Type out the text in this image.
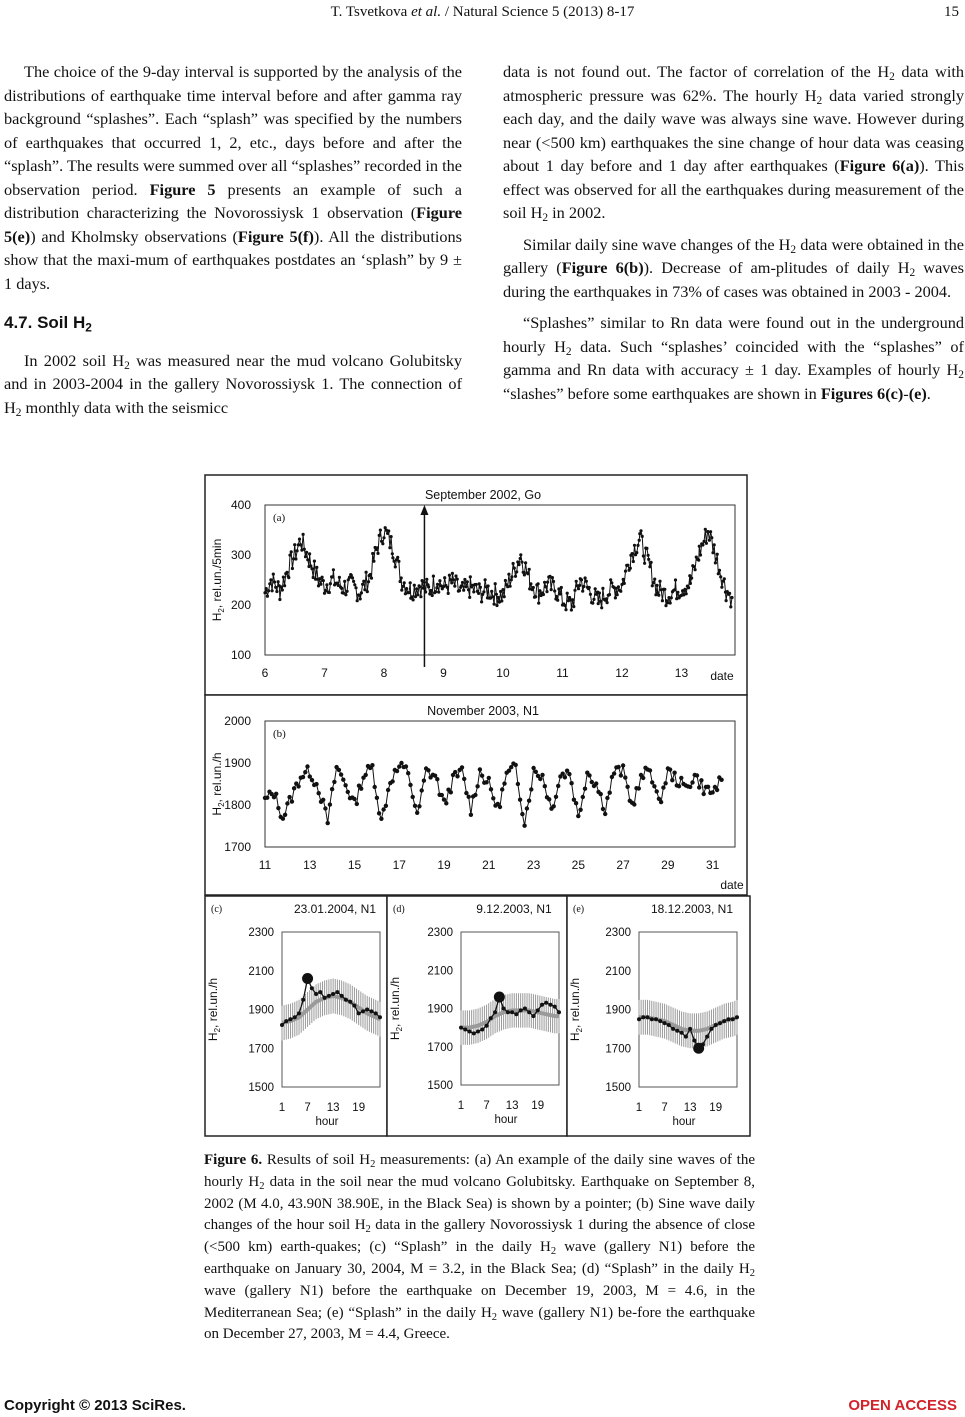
T. Tsvetkova et al. / Natural Science 5 (2013) 8-17	15

The choice of the 9-day interval is supported by the analysis of the distributions of earthquake time interval before and after gamma ray background “splashes”. Each “splash” was specified by the numbers of earthquakes that occurred 1, 2, etc., days before and after the “splash”. The results were summed over all “splashes” recorded in the observation period. Figure 5 presents an example of such a distribution characterizing the Novorossiysk 1 observation (Figure 5(e)) and Kholmsky observations (Figure 5(f)). All the distributions show that the maxi-mum of earthquakes postdates an ‘splash” by 9 ± 1 days.

4.7. Soil $H_2$

In 2002 soil $H_2$ was measured near the mud volcano Golubitsky and in 2003-2004 in the gallery Novorossiysk 1. The connection of $H_2$ monthly data with the seismicc

data is not found out. The factor of correlation of the $H_2$ data with atmospheric pressure was 62%. The hourly $H_2$ data varied strongly each day, and the daily wave was always sine wave. However during near (<500 km) earthquakes the sine change of hour data was ceasing about 1 day before and 1 day after earthquakes (Figure 6(a)). This effect was observed for all the earthquakes during measurement of the soil $H_2$ in 2002.

Similar daily sine wave changes of the $H_2$ data were obtained in the gallery (Figure 6(b)). Decrease of am-plitudes of daily $H_2$ waves during the earthquakes in 73% of cases was obtained in 2003 - 2004.

“Splashes” similar to Rn data were found out in the underground hourly $H_2$ data. Such “splashes’ coincided with the “splashes” of gamma and Rn data with accuracy ± 1 day. Examples of hourly $H_2$ “slashes” before some earthquakes are shown in Figures 6(c)-(e).

100
200
300
400
6	7	8	9	10	11	12	13 date
September 2002, Go
(a)
$H_2$, rel.un./5min
1700
1800
1900
2000
11	13	15	17	19	21	23	25	27	29	31
date
November 2003, N1
(b)
$H_2$, rel.un./h
1500
1700
1900
2100
2300
1 7 13 19
hour
23.01.2004, N1
(c)
$H_2$, rel.un./h
1500
1700
1900
2100
2300
1 7 13 19
hour
9.12.2003, N1
(d)
$H_2$, rel.un./h
1500
1700
1900
2100
2300
1 7 13 19
hour
18.12.2003, N1
(e)
$H_2$, rel.un./h
Figure 6. Results of soil $H_2$ measurements: (a) An example of the daily sine waves of the hourly $H_2$ data in the soil near the mud volcano Golubitsky. Earthquake on September 8, 2002 (M 4.0, 43.90N 38.90E, in the Black Sea) is shown by a pointer; (b) Sine wave daily changes of the hour soil $H_2$ data in the gallery Novorossiysk 1 during the absence of close (<500 km) earth-quakes; (c) “Splash” in the daily $H_2$ wave (gallery N1) before the earthquake on January 30, 2004, M = 3.2, in the Black Sea; (d) “Splash” in the daily $H_2$ wave (gallery N1) before the earthquake on December 19, 2003, M = 4.6, in the Mediterranean Sea; (e) “Splash” in the daily $H_2$ wave (gallery N1) be-fore the earthquake on December 27, 2003, M = 4.4, Greece.
Copyright © 2013 SciRes.	OPEN ACCESS
